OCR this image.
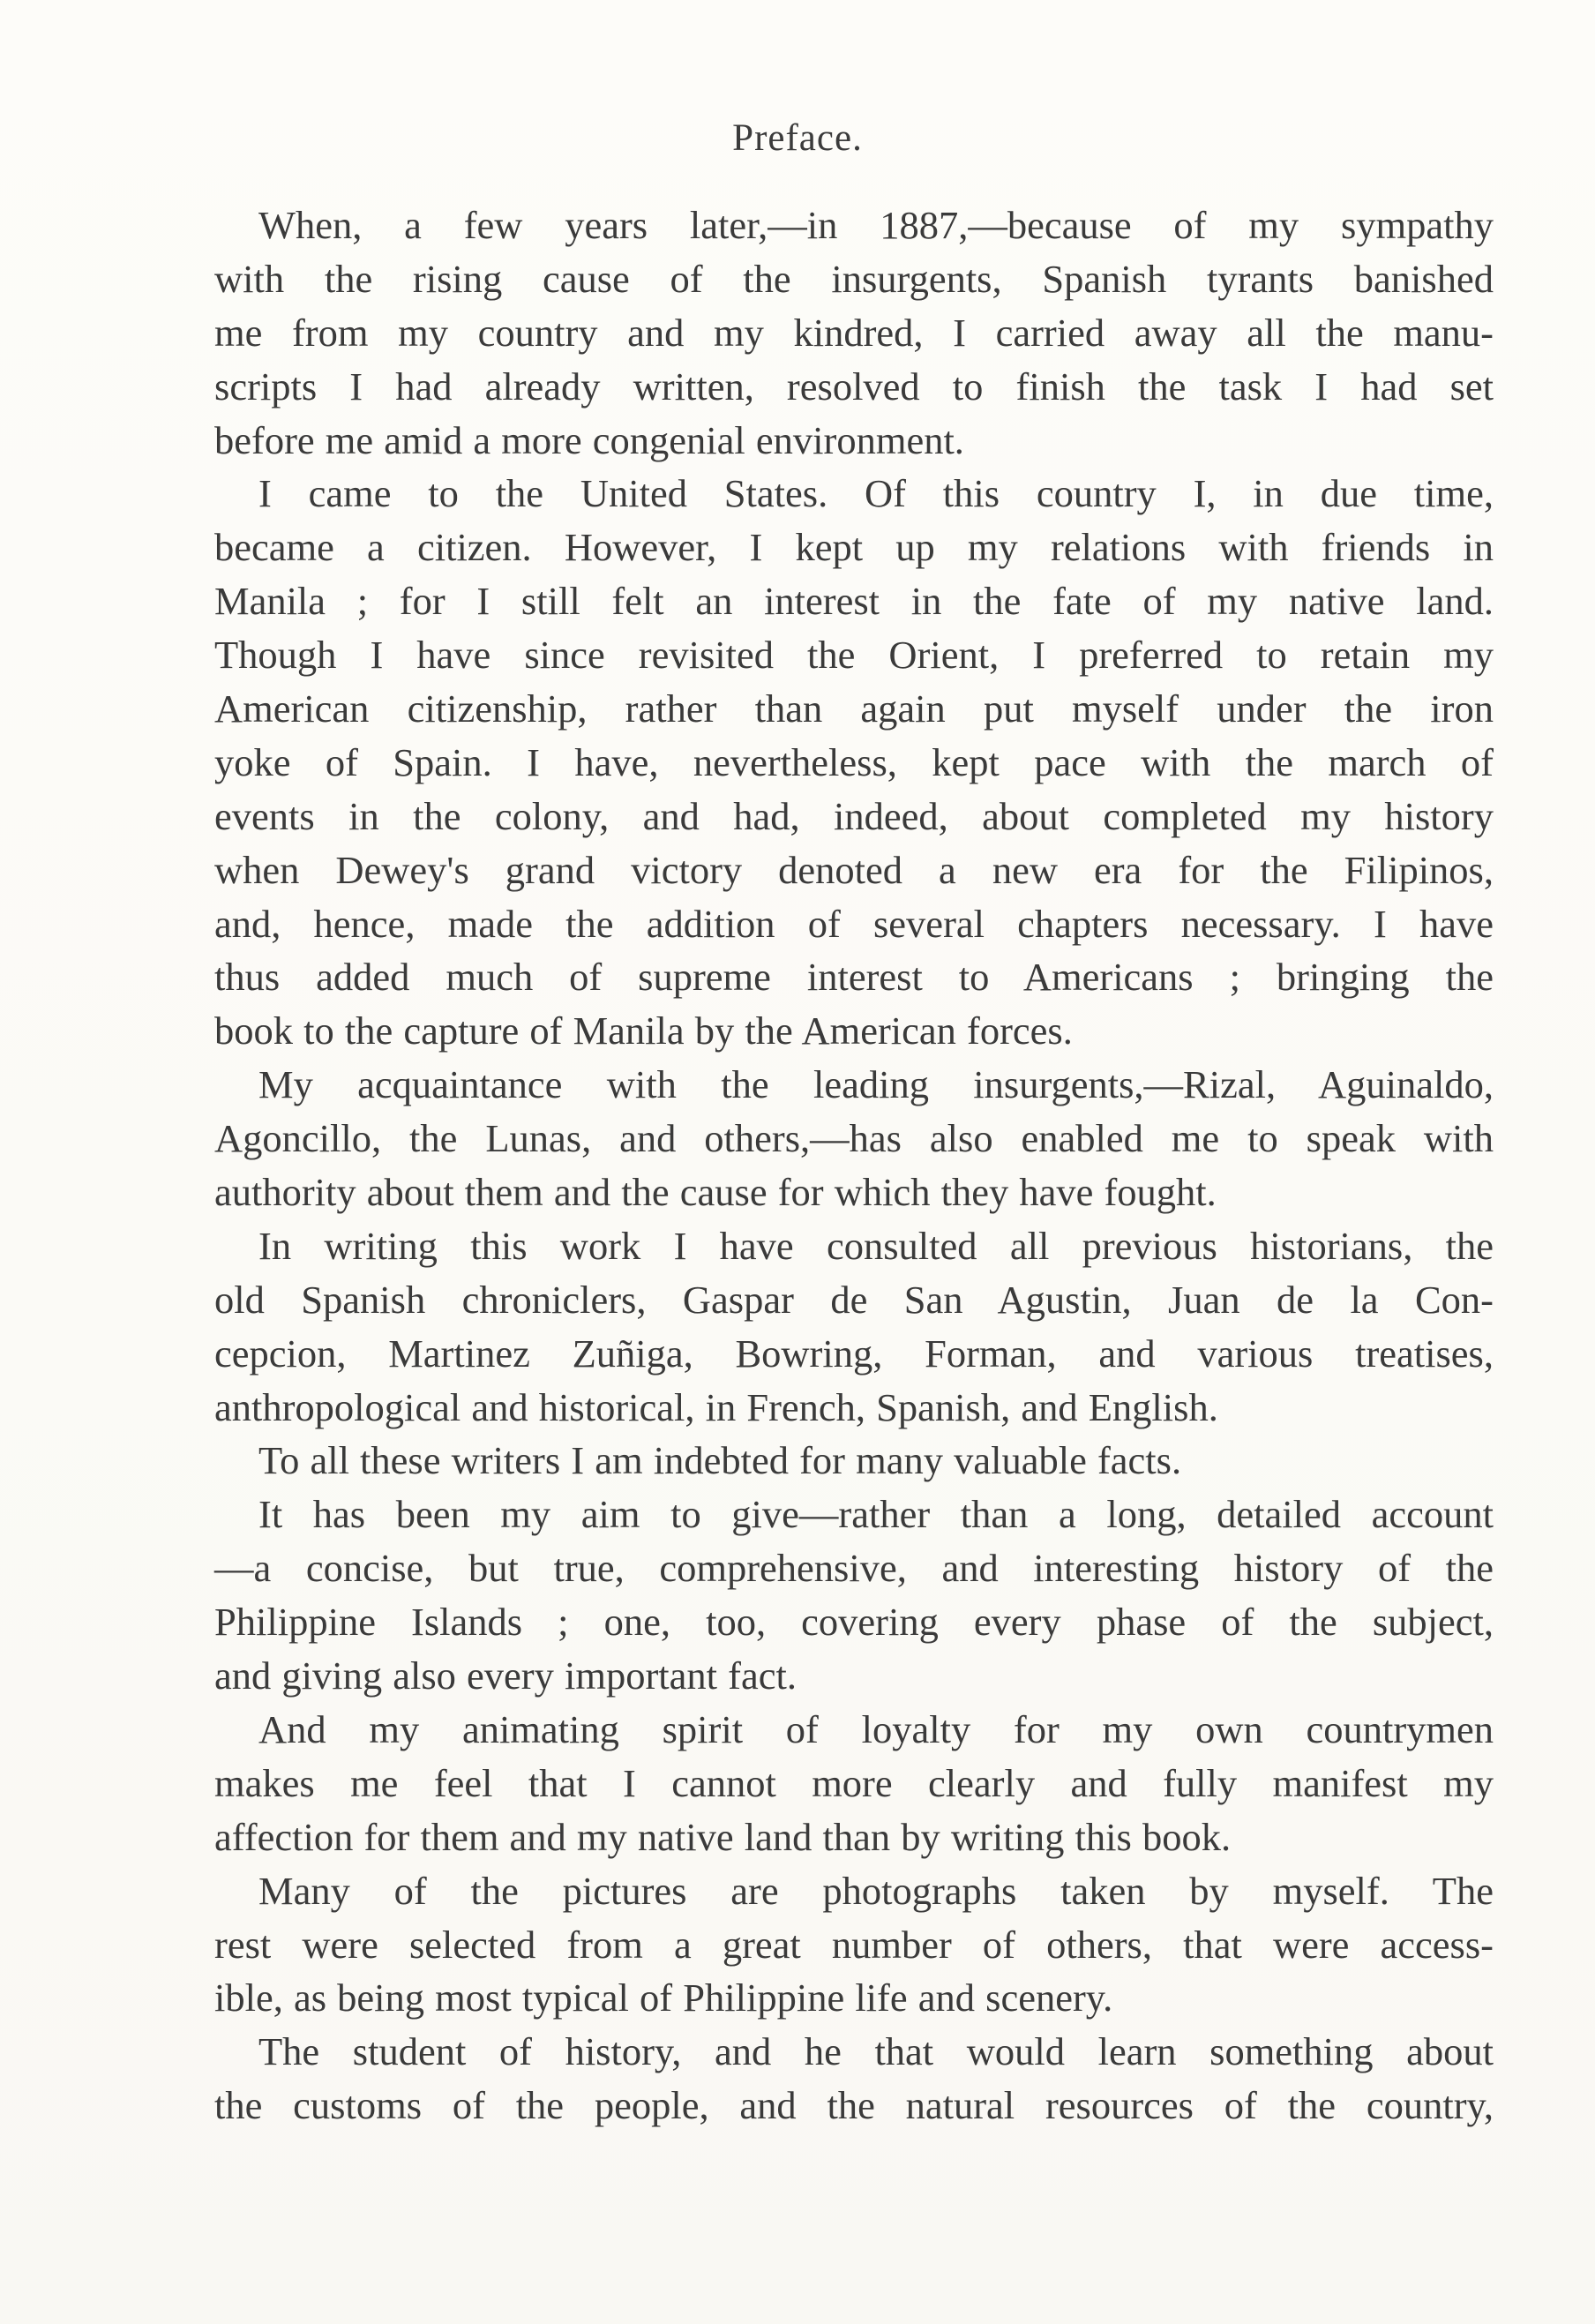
Preface.
When, a few years later,—in 1887,—because of my sympathy
with the rising cause of the insurgents, Spanish tyrants banished
me from my country and my kindred, I carried away all the manu-
scripts I had already written, resolved to finish the task I had set
before me amid a more congenial environment.
I came to the United States. Of this country I, in due time,
became a citizen. However, I kept up my relations with friends in
Manila ; for I still felt an interest in the fate of my native land.
Though I have since revisited the Orient, I preferred to retain my
American citizenship, rather than again put myself under the iron
yoke of Spain. I have, nevertheless, kept pace with the march of
events in the colony, and had, indeed, about completed my history
when Dewey's grand victory denoted a new era for the Filipinos,
and, hence, made the addition of several chapters necessary. I have
thus added much of supreme interest to Americans ; bringing the
book to the capture of Manila by the American forces.
My acquaintance with the leading insurgents,—Rizal, Aguinaldo,
Agoncillo, the Lunas, and others,—has also enabled me to speak with
authority about them and the cause for which they have fought.
In writing this work I have consulted all previous historians, the
old Spanish chroniclers, Gaspar de San Agustin, Juan de la Con-
cepcion, Martinez Zuñiga, Bowring, Forman, and various treatises,
anthropological and historical, in French, Spanish, and English.
To all these writers I am indebted for many valuable facts.
It has been my aim to give—rather than a long, detailed account
—a concise, but true, comprehensive, and interesting history of the
Philippine Islands ; one, too, covering every phase of the subject,
and giving also every important fact.
And my animating spirit of loyalty for my own countrymen
makes me feel that I cannot more clearly and fully manifest my
affection for them and my native land than by writing this book.
Many of the pictures are photographs taken by myself. The
rest were selected from a great number of others, that were access-
ible, as being most typical of Philippine life and scenery.
The student of history, and he that would learn something about
the customs of the people, and the natural resources of the country,
